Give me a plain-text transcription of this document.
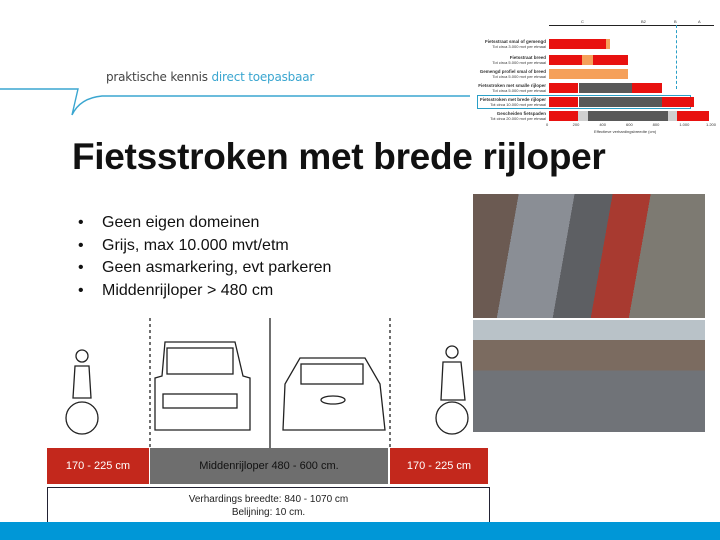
praktische kennis direct toepasbaar
C	B2	B	A
Fietsstraat smal of gemengd
Tot circa 3.000 mvt per etmaal
Fietsstraat breed
Tot circa 5.000 mvt per etmaal
Gemengd profiel smal of breed
Tot circa 5.000 mvt per etmaal
Fietsstroken met smalle rijloper
Tot circa 5.000 mvt per etmaal
Fietsstroken met brede rijloper
Tot circa 10.000 mvt per etmaal
Gescheiden fietspaden
Tot circa 20.000 mvt per etmaal
0	200	400	600	800	1.000	1.200
Effectieve verhardingsbreedte (cm)
Fietsstroken met brede rijloper
•	Geen eigen domeinen
•	Grijs, max 10.000 mvt/etm
•	Geen asmarkering, evt parkeren
•	Middenrijloper > 480 cm
170 - 225 cm	Middenrijloper 480 - 600 cm.	170 - 225 cm
Verhardings breedte: 840 - 1070 cm
Belijning: 10 cm.
